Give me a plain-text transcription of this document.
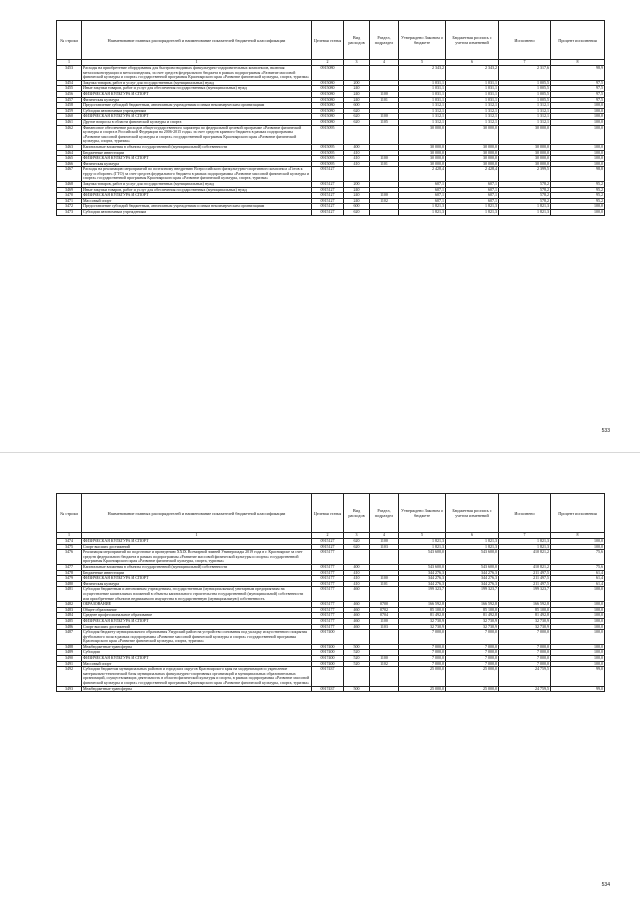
№ строки	Наименование главных распорядителей и наименование показателей бюджетной классификации	Целевая статья	Вид расходов	Раздел, подраздел	Утверждено Законом о бюджете	Бюджетная роспись с учетом изменений	Исполнено	Процент исполнения
1	1	2	3	4	5	6	7	8
3453	Расходы на приобретение оборудования для быстровозводимых физкультурно-оздоровительных комплексов, включая металлоконструкции и металлоизделия, за счет средств федерального бюджета в рамках подпрограммы «Развитие массовой физической культуры и спорта» государственной программы Красноярского края «Развитие физической культуры, спорта, туризма»	0915080			2 343,2	2 343,2	2 317,6	98,9
3454	Закупка товаров, работ и услуг для государственных (муниципальных) нужд	0915080	200		1 031,1	1 031,1	1 005,5	97,5
3455	Иные закупки товаров, работ и услуг для обеспечения государственных (муниципальных) нужд	0915080	240		1 031,1	1 031,1	1 005,5	97,5
3456	ФИЗИЧЕСКАЯ КУЛЬТУРА И СПОРТ	0915080	240	1100	1 031,1	1 031,1	1 005,5	97,5
3457	Физическая культура	0915080	240	1101	1 031,1	1 031,1	1 005,5	97,5
3458	Предоставление субсидий бюджетным, автономным учреждениям и иным некоммерческим организациям	0915080	600		1 312,1	1 312,1	1 312,1	100,0
3459	Субсидии автономным учреждениям	0915080	620		1 312,1	1 312,1	1 312,1	100,0
3460	ФИЗИЧЕСКАЯ КУЛЬТУРА И СПОРТ	0915080	620	1100	1 312,1	1 312,1	1 312,1	100,0
3461	Другие вопросы в области физической культуры и спорта	0915080	620	1105	1 312,1	1 312,1	1 312,1	100,0
3462	Финансовое обеспечение расходов общегосударственного характера по федеральной целевой программе «Развитие физической культуры и спорта в Российской Федерации на 2006-2015 годы» за счет средств краевого бюджета в рамках подпрограммы «Развитие массовой физической культуры и спорта» государственной программы Красноярского края «Развитие физической культуры, спорта, туризма»	0915095			30 000,0	30 000,0	30 000,0	100,0
3463	Капитальные вложения в объекты государственной (муниципальной) собственности	0915095	400		30 000,0	30 000,0	30 000,0	100,0
3464	Бюджетные инвестиции	0915095	410		30 000,0	30 000,0	30 000,0	100,0
3465	ФИЗИЧЕСКАЯ КУЛЬТУРА И СПОРТ	0915095	410	1100	30 000,0	30 000,0	30 000,0	100,0
3466	Физическая культура	0915095	410	1101	30 000,0	30 000,0	30 000,0	100,0
3467	Расходы на реализацию мероприятий по поэтапному внедрению Всероссийского физкультурно-спортивного комплекса «Готов к труду и обороне» (ГТО) за счет средств федерального бюджета в рамках подпрограммы «Развитие массовой физической культуры и спорта» государственной программы Красноярского края «Развитие физической культуры, спорта, туризма»	0915127			2 428,4	2 428,4	2 399,5	98,8
3468	Закупка товаров, работ и услуг для государственных (муниципальных) нужд	0915127	200		607,1	607,1	578,2	95,2
3469	Иные закупки товаров, работ и услуг для обеспечения государственных (муниципальных) нужд	0915127	240		607,1	607,1	578,2	95,2
3470	ФИЗИЧЕСКАЯ КУЛЬТУРА И СПОРТ	0915127	240	1100	607,1	607,1	578,2	95,2
3471	Массовый спорт	0915127	240	1102	607,1	607,1	578,2	95,2
3472	Предоставление субсидий бюджетным, автономным учреждениям и иным некоммерческим организациям	0915127	600		1 821,3	1 821,3	1 821,3	100,0
3473	Субсидии автономным учреждениям	0915127	620		1 821,3	1 821,3	1 821,3	100,0
533
№ строки	Наименование главных распорядителей и наименование показателей бюджетной классификации	Целевая статья	Вид расходов	Раздел, подраздел	Утверждено Законом о бюджете	Бюджетная роспись с учетом изменений	Исполнено	Процент исполнения
1	1	2	3	4	5	6	7	8
3474	ФИЗИЧЕСКАЯ КУЛЬТУРА И СПОРТ	0915127	620	1100	1 821,3	1 821,3	1 821,3	100,0
3475	Спорт высших достижений	0915127	620	1103	1 821,3	1 821,3	1 821,3	100,0
3476	Реализация мероприятий по подготовке и проведению XXIX Всемирной зимней Универсиады 2019 года в г. Красноярске за счет средств федерального бюджета в рамках подпрограммы «Развитие массовой физической культуры и спорта» государственной программы Красноярского края «Развитие физической культуры, спорта, туризма»	0915177			543 600,0	543 600,0	410 821,2	75,6
3477	Капитальные вложения в объекты государственной (муниципальной) собственности	0915177	400		543 600,0	543 600,0	410 821,2	75,6
3478	Бюджетные инвестиции	0915177	410		344 276,3	344 276,3	211 497,5	61,4
3479	ФИЗИЧЕСКАЯ КУЛЬТУРА И СПОРТ	0915177	410	1100	344 276,3	344 276,3	211 497,5	61,4
3480	Физическая культура	0915177	410	1101	344 276,3	344 276,3	211 497,5	61,4
3481	Субсидии бюджетным и автономным учреждениям, государственным (муниципальным) унитарным предприятиям на осуществление капитальных вложений в объекты капитального строительства государственной (муниципальной) собственности или приобретение объектов недвижимого имущества в государственную (муниципальную) собственность	0915177	460		199 323,7	199 323,7	199 323,7	100,0
3482	ОБРАЗОВАНИЕ	0915177	460	0700	166 592,8	166 592,8	166 592,8	100,0
3483	Общее образование	0915177	460	0702	85 100,0	85 100,0	85 100,0	100,0
3484	Среднее профессиональное образование	0915177	460	0704	81 492,8	81 492,8	81 492,8	100,0
3485	ФИЗИЧЕСКАЯ КУЛЬТУРА И СПОРТ	0915177	460	1100	32 730,9	32 730,9	32 730,9	100,0
3486	Спорт высших достижений	0915177	460	1103	32 730,9	32 730,9	32 730,9	100,0
3487	Субсидия бюджету муниципального образования Ужурский район на устройство основания под укладку искусственного покрытия футбольного поля в рамках подпрограммы «Развитие массовой физической культуры и спорта» государственной программы Красноярского края «Развитие физической культуры, спорта, туризма»	0917400			7 000,0	7 000,0	7 000,0	100,0
3488	Межбюджетные трансферты	0917400	500		7 000,0	7 000,0	7 000,0	100,0
3489	Субсидии	0917400	520		7 000,0	7 000,0	7 000,0	100,0
3490	ФИЗИЧЕСКАЯ КУЛЬТУРА И СПОРТ	0917400	520	1100	7 000,0	7 000,0	7 000,0	100,0
3491	Массовый спорт	0917400	520	1102	7 000,0	7 000,0	7 000,0	100,0
3492	Субсидии бюджетам муниципальных районов и городских округов Красноярского края на модернизацию и укрепление материально-технической базы муниципальных физкультурно-спортивных организаций и муниципальных образовательных организаций, осуществляющих деятельность в области физической культуры и спорта, в рамках подпрограммы «Развитие массовой физической культуры и спорта» государственной программы Красноярского края «Развитие физической культуры, спорта, туризма»	0917437			25 000,0	25 000,0	24 759,5	99,0
3493	Межбюджетные трансферты	0917437	500		25 000,0	25 000,0	24 759,5	99,0
534
